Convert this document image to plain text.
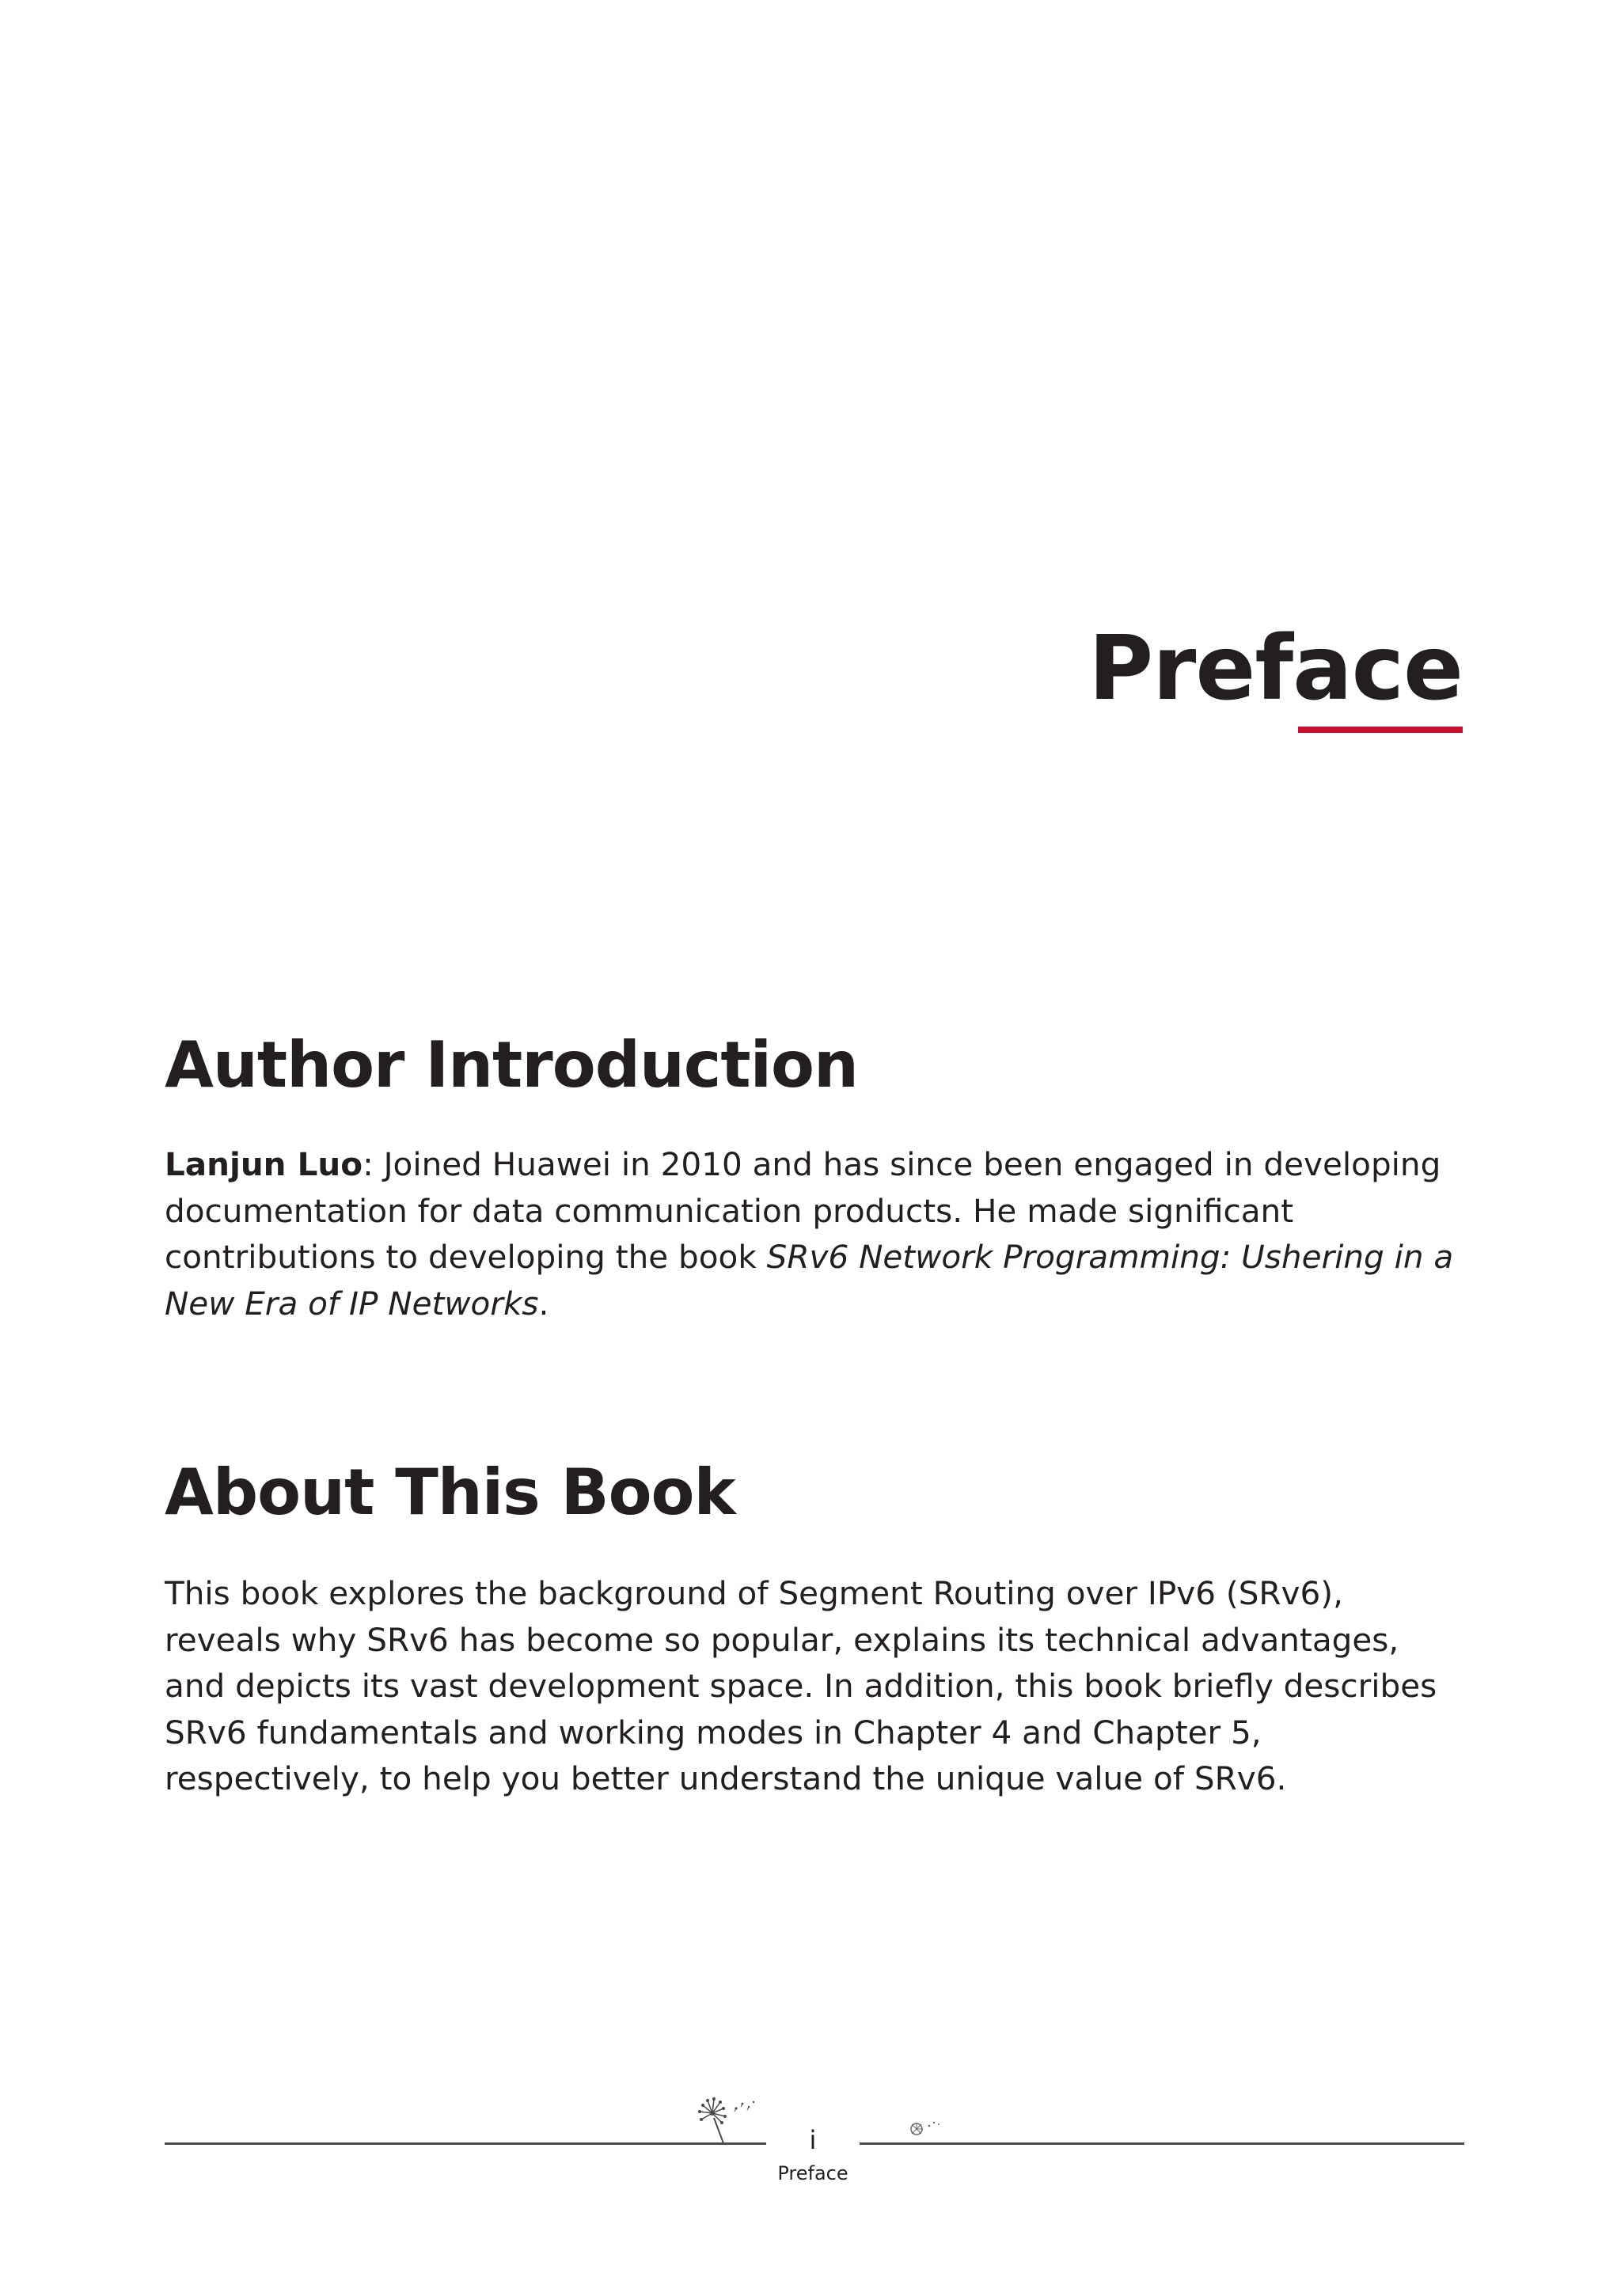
Preface
Author Introduction

Lanjun Luo: Joined Huawei in 2010 and has since been engaged in developing documentation for data communication products. He made significant contributions to developing the book SRv6 Network Programming: Ushering in a New Era of IP Networks.

About This Book

This book explores the background of Segment Routing over IPv6 (SRv6), reveals why SRv6 has become so popular, explains its technical advantages, and depicts its vast development space. In addition, this book briefly describes SRv6 fundamentals and working modes in Chapter 4 and Chapter 5, respectively, to help you better understand the unique value of SRv6.

i
Preface
